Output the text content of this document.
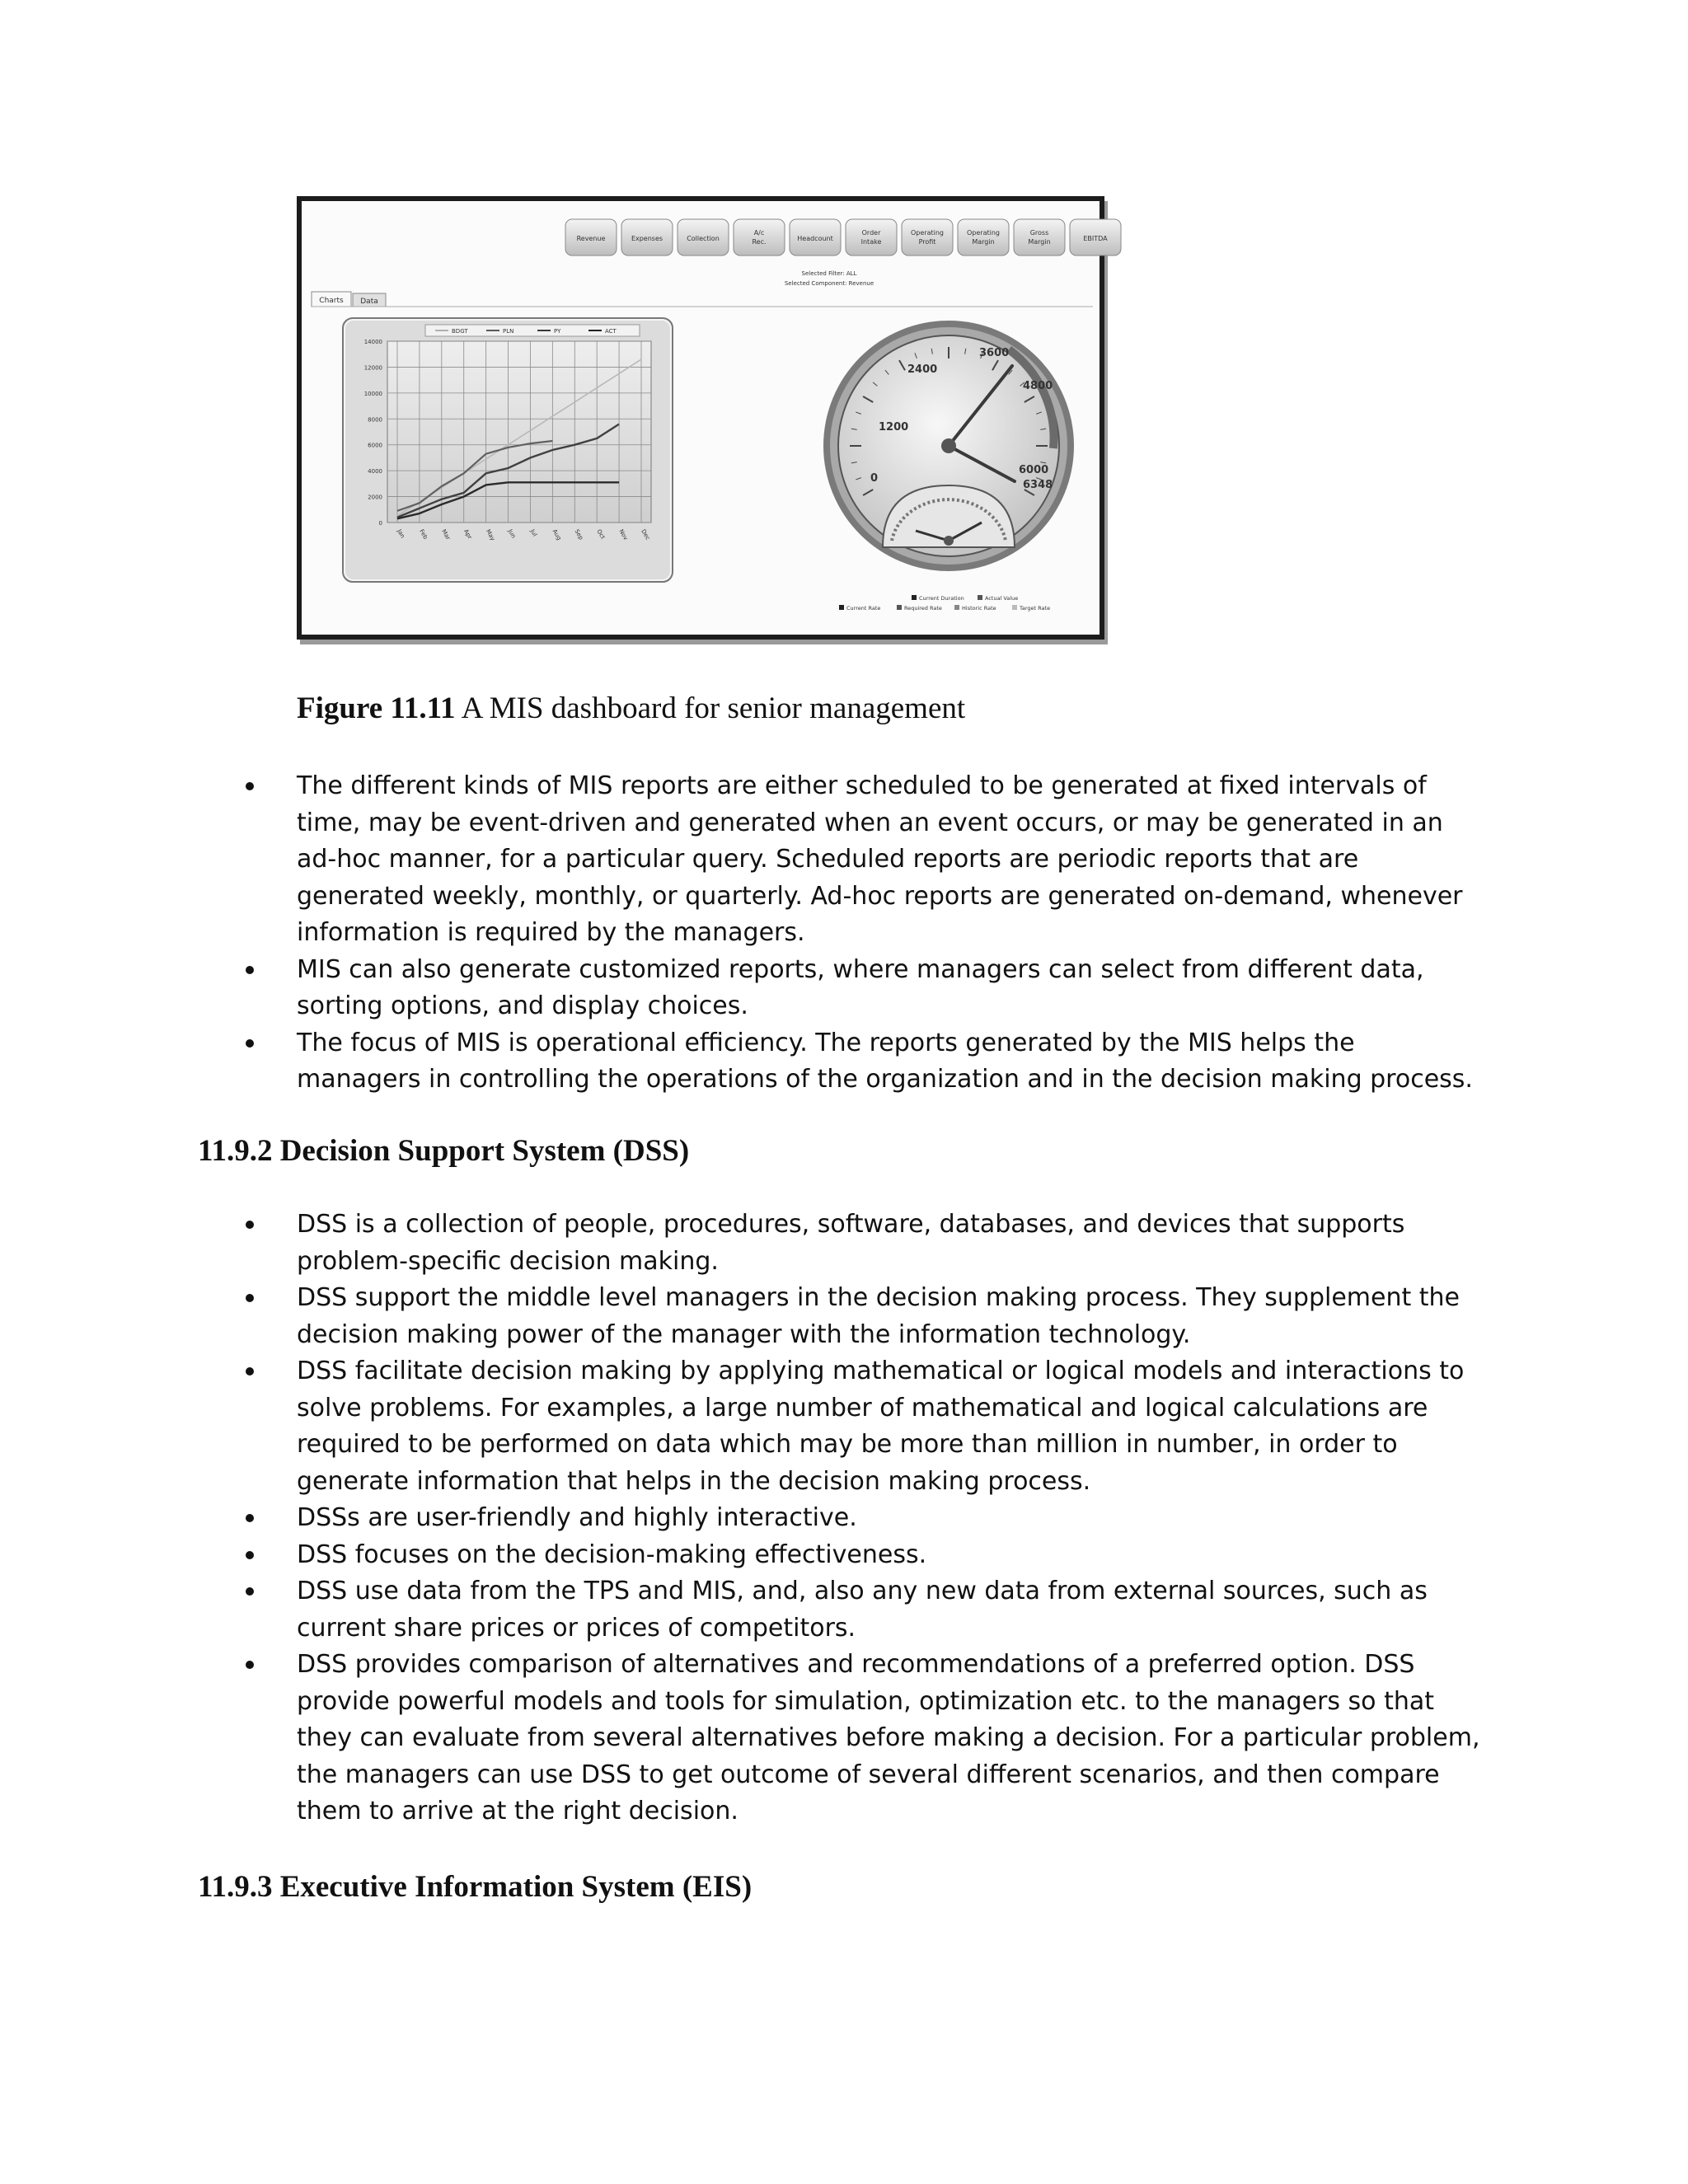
Revenue	Expenses	Collection
A/c
Rec.	Headcount
Order
Intake
Operating
Profit
Operating
Margin
Gross
Margin	EBITDA
Selected Filter: ALL
Selected Component: Revenue
Charts Data
BDGT	PLN	PY	ACT
14000
12000
10000
8000
6000
4000
2000
0
Jan Feb Mar Apr May Jun Jul Aug Sep Oct Nov Dec
2400
3600
1200
4800
0
6000
6348
Current Duration	Actual Value
Current Rate	Required Rate	Historic Rate	Target Rate
Figure 11.11 A MIS dashboard for senior management
The different kinds of MIS reports are either scheduled to be generated at fixed intervals of time, may be event-driven and generated when an event occurs, or may be generated in an ad-hoc manner, for a particular query. Scheduled reports are periodic reports that are generated weekly, monthly, or quarterly. Ad-hoc reports are generated on-demand, whenever information is required by the managers.
MIS can also generate customized reports, where managers can select from different data, sorting options, and display choices.
The focus of MIS is operational efficiency. The reports generated by the MIS helps the managers in controlling the operations of the organization and in the decision making process.
11.9.2 Decision Support System (DSS)
DSS is a collection of people, procedures, software, databases, and devices that supports problem-specific decision making.
DSS support the middle level managers in the decision making process. They supplement the decision making power of the manager with the information technology.
DSS facilitate decision making by applying mathematical or logical models and interactions to solve problems. For examples, a large number of mathematical and logical calculations are required to be performed on data which may be more than million in number, in order to generate information that helps in the decision making process.
DSSs are user-friendly and highly interactive.
DSS focuses on the decision-making effectiveness.
DSS use data from the TPS and MIS, and, also any new data from external sources, such as current share prices or prices of competitors.
DSS provides comparison of alternatives and recommendations of a preferred option. DSS provide powerful models and tools for simulation, optimization etc. to the managers so that they can evaluate from several alternatives before making a decision. For a particular problem, the managers can use DSS to get outcome of several different scenarios, and then compare them to arrive at the right decision.
11.9.3 Executive Information System (EIS)
